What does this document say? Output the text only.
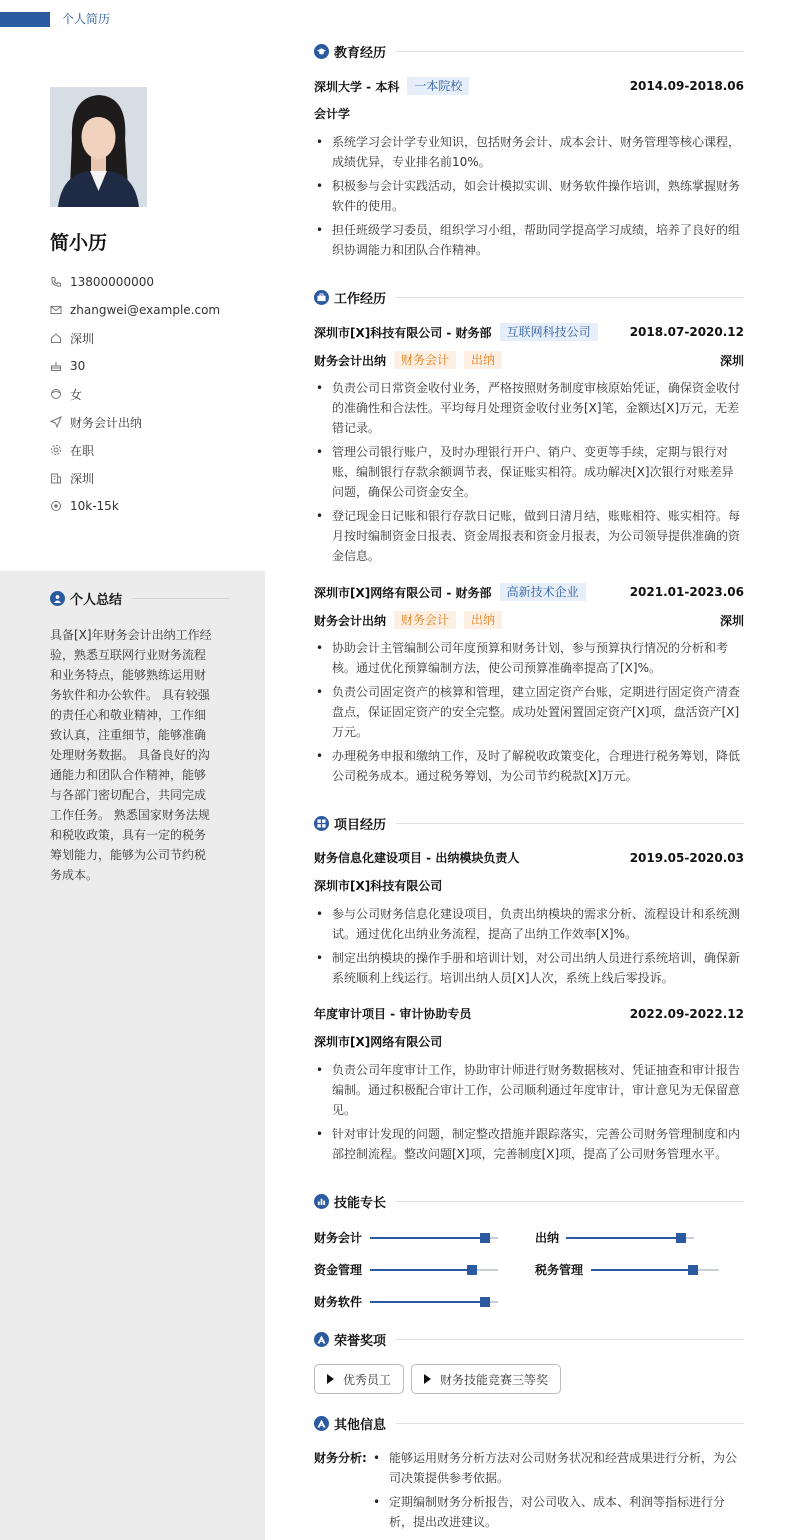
个人简历
简小历
13800000000
zhangwei@example.com
深圳
30
女
财务会计出纳
在职
深圳
10k-15k
个人总结
具备[X]年财务会计出纳工作经验，熟悉互联网行业财务流程和业务特点，能够熟练运用财务软件和办公软件。 具有较强的责任心和敬业精神，工作细致认真，注重细节，能够准确处理财务数据。 具备良好的沟通能力和团队合作精神，能够与各部门密切配合，共同完成工作任务。 熟悉国家财务法规和税收政策，具有一定的税务筹划能力，能够为公司节约税务成本。
教育经历
深圳大学 - 本科	一本院校	2014.09-2018.06
会计学
• 系统学习会计学专业知识，包括财务会计、成本会计、财务管理等核心课程，成绩优异，专业排名前10%。
• 积极参与会计实践活动，如会计模拟实训、财务软件操作培训，熟练掌握财务软件的使用。
• 担任班级学习委员，组织学习小组，帮助同学提高学习成绩，培养了良好的组织协调能力和团队合作精神。
工作经历
深圳市[X]科技有限公司 - 财务部	互联网科技公司	2018.07-2020.12
财务会计出纳	财务会计	出纳	深圳
• 负责公司日常资金收付业务，严格按照财务制度审核原始凭证，确保资金收付的准确性和合法性。平均每月处理资金收付业务[X]笔，金额达[X]万元，无差错记录。
• 管理公司银行账户，及时办理银行开户、销户、变更等手续，定期与银行对账，编制银行存款余额调节表，保证账实相符。成功解决[X]次银行对账差异问题，确保公司资金安全。
• 登记现金日记账和银行存款日记账，做到日清月结，账账相符、账实相符。每月按时编制资金日报表、资金周报表和资金月报表，为公司领导提供准确的资金信息。
深圳市[X]网络有限公司 - 财务部	高新技术企业	2021.01-2023.06
财务会计出纳	财务会计	出纳	深圳
• 协助会计主管编制公司年度预算和财务计划，参与预算执行情况的分析和考核。通过优化预算编制方法，使公司预算准确率提高了[X]%。
• 负责公司固定资产的核算和管理，建立固定资产台账，定期进行固定资产清查盘点，保证固定资产的安全完整。成功处置闲置固定资产[X]项，盘活资产[X]万元。
• 办理税务申报和缴纳工作，及时了解税收政策变化，合理进行税务筹划，降低公司税务成本。通过税务筹划，为公司节约税款[X]万元。
项目经历
财务信息化建设项目 - 出纳模块负责人	2019.05-2020.03
深圳市[X]科技有限公司
• 参与公司财务信息化建设项目，负责出纳模块的需求分析、流程设计和系统测试。通过优化出纳业务流程，提高了出纳工作效率[X]%。
• 制定出纳模块的操作手册和培训计划，对公司出纳人员进行系统培训，确保新系统顺利上线运行。培训出纳人员[X]人次，系统上线后零投诉。
年度审计项目 - 审计协助专员	2022.09-2022.12
深圳市[X]网络有限公司
• 负责公司年度审计工作，协助审计师进行财务数据核对、凭证抽查和审计报告编制。通过积极配合审计工作，公司顺利通过年度审计，审计意见为无保留意见。
• 针对审计发现的问题，制定整改措施并跟踪落实，完善公司财务管理制度和内部控制流程。整改问题[X]项，完善制度[X]项，提高了公司财务管理水平。
技能专长
财务会计	出纳
资金管理	税务管理
财务软件
荣誉奖项
优秀员工	财务技能竞赛三等奖
其他信息
财务分析:
•	能够运用财务分析方法对公司财务状况和经营成果进行分析，为公司决策提供参考依据。
• 定期编制财务分析报告，对公司收入、成本、利润等指标进行分析，提出改进建议。
